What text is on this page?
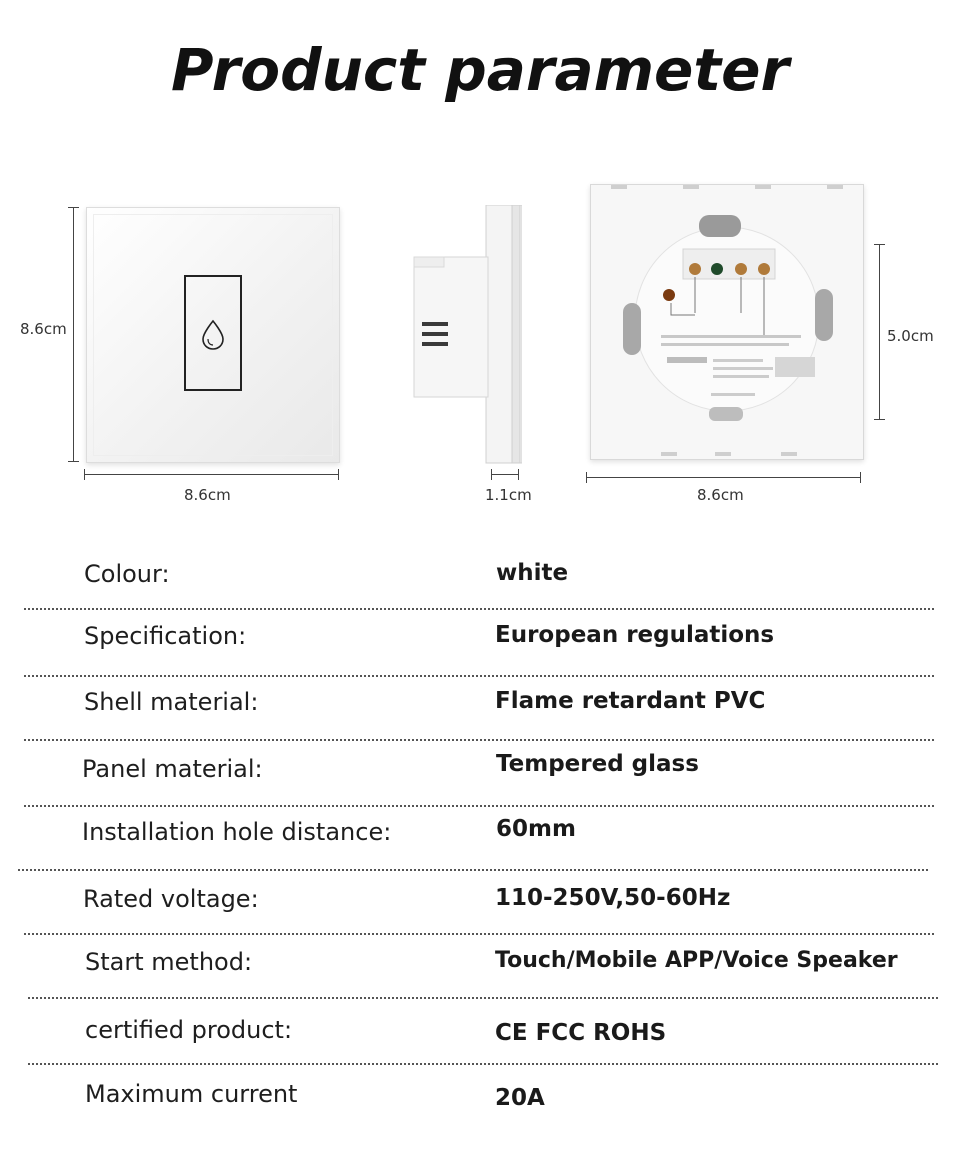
Product parameter
8.6cm
8.6cm	1.1cm
5.0cm
8.6cm
Colour:	white
Specification:	European regulations
Shell material:	Flame retardant PVC
Panel material:	Tempered glass
Installation hole distance:	60mm
Rated voltage:	110-250V,50-60Hz
Start method:	Touch/Mobile APP/Voice Speaker
certified product:	CE FCC ROHS
Maximum current	20A
